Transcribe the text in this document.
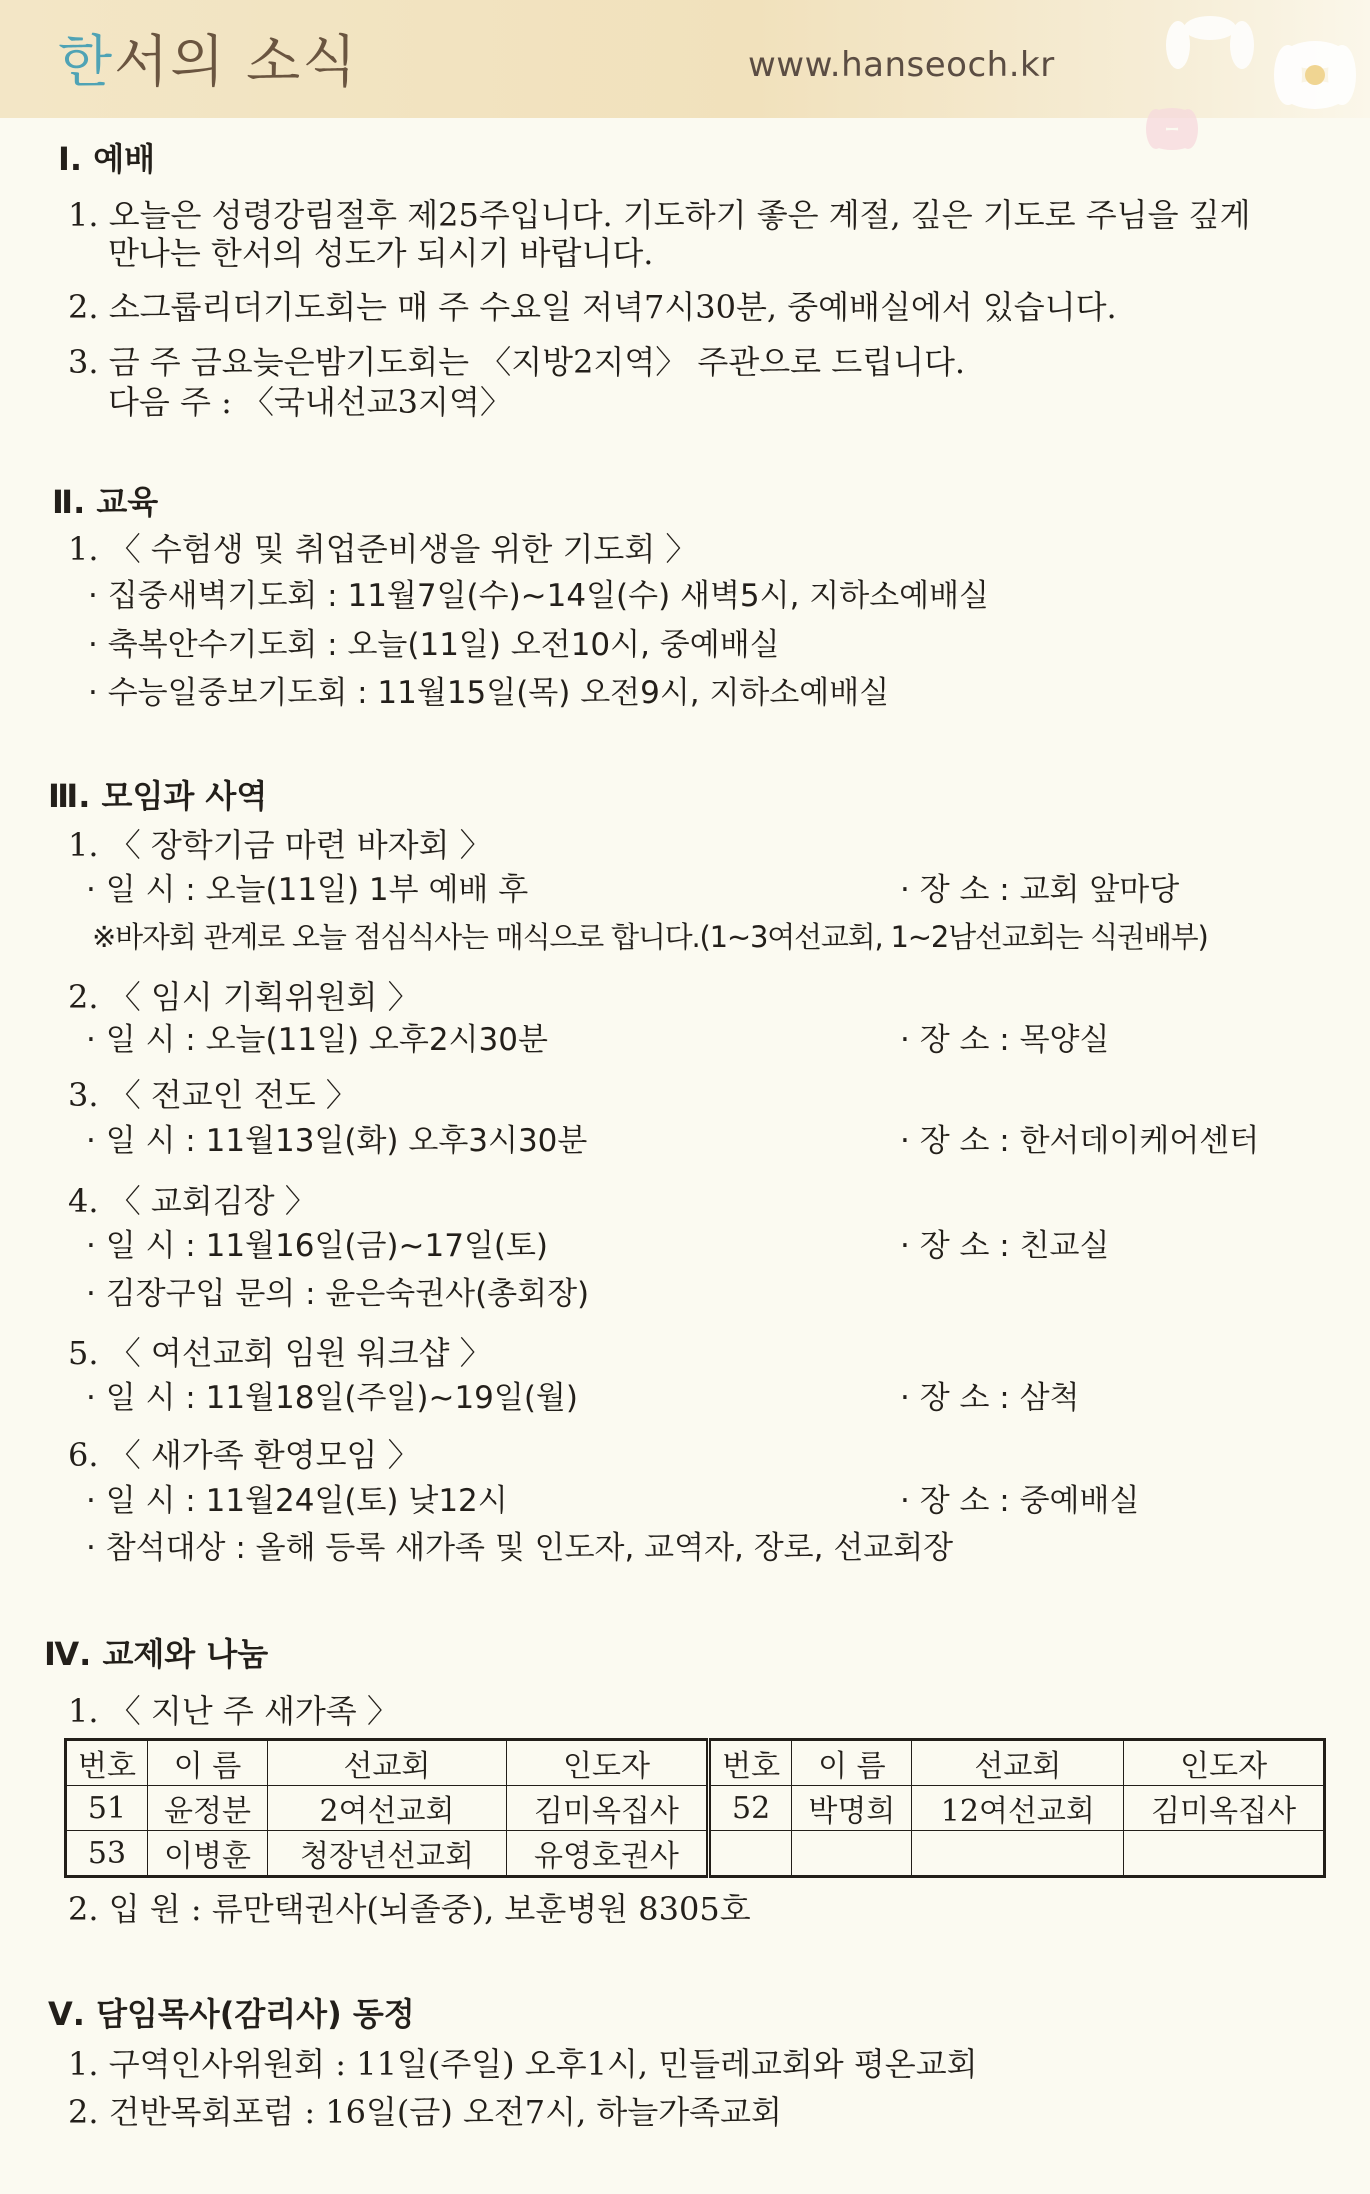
한서의 소식	www.hanseoch.kr
Ⅰ. 예배
1. 오늘은 성령강림절후 제25주입니다. 기도하기 좋은 계절, 깊은 기도로 주님을 깊게
만나는 한서의 성도가 되시기 바랍니다.
2. 소그룹리더기도회는 매 주 수요일 저녁7시30분, 중예배실에서 있습니다.
3. 금 주 금요늦은밤기도회는 〈지방2지역〉 주관으로 드립니다.
다음 주 : 〈국내선교3지역〉
Ⅱ. 교육
1. 〈 수험생 및 취업준비생을 위한 기도회 〉
· 집중새벽기도회 : 11월7일(수)~14일(수) 새벽5시, 지하소예배실
· 축복안수기도회 : 오늘(11일) 오전10시, 중예배실
· 수능일중보기도회 : 11월15일(목) 오전9시, 지하소예배실
Ⅲ. 모임과 사역
1. 〈 장학기금 마련 바자회 〉
· 일 시 : 오늘(11일) 1부 예배 후	· 장 소 : 교회 앞마당
※바자회 관계로 오늘 점심식사는 매식으로 합니다.(1~3여선교회, 1~2남선교회는 식권배부)
2. 〈 임시 기획위원회 〉
· 일 시 : 오늘(11일) 오후2시30분	· 장 소 : 목양실
3. 〈 전교인 전도 〉
· 일 시 : 11월13일(화) 오후3시30분	· 장 소 : 한서데이케어센터
4. 〈 교회김장 〉
· 일 시 : 11월16일(금)~17일(토)	· 장 소 : 친교실
· 김장구입 문의 : 윤은숙권사(총회장)
5. 〈 여선교회 임원 워크샵 〉
· 일 시 : 11월18일(주일)~19일(월)	· 장 소 : 삼척
6. 〈 새가족 환영모임 〉
· 일 시 : 11월24일(토) 낮12시	· 장 소 : 중예배실
· 참석대상 : 올해 등록 새가족 및 인도자, 교역자, 장로, 선교회장
Ⅳ. 교제와 나눔
1. 〈 지난 주 새가족 〉
번호	이 름	선교회	인도자	번호	이 름	선교회	인도자
51	윤정분	2여선교회	김미옥집사	52	박명희	12여선교회	김미옥집사
53	이병훈	청장년선교회	유영호권사				
2. 입 원 : 류만택권사(뇌졸중), 보훈병원 8305호
Ⅴ. 담임목사(감리사) 동정
1. 구역인사위원회 : 11일(주일) 오후1시, 민들레교회와 평온교회
2. 건반목회포럼 : 16일(금) 오전7시, 하늘가족교회
